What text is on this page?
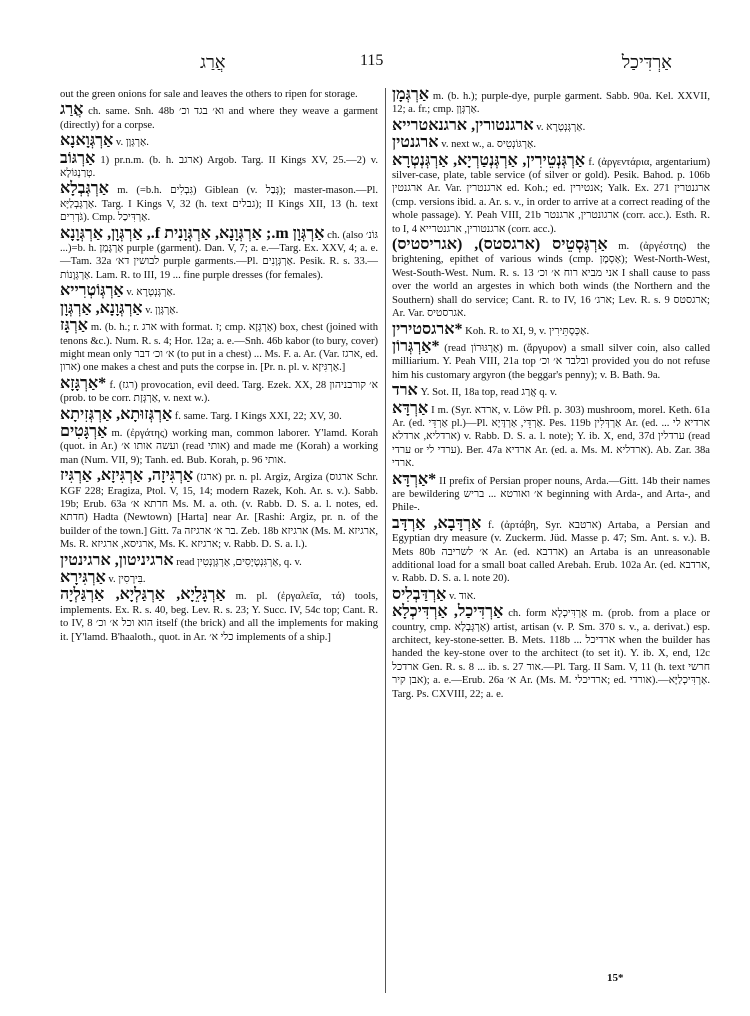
אֲרַג	115	אַרְדִּיכַל

out the green onions for sale and leaves the others to ripen for storage.

אֲרַג ch. same. Snh. 48b וא׳ בגד וכ׳ and where they weave a garment (directly) for a corpse.

אַרְגְּוָאנָא v. אַרְגְּוָן.

אַרְגּוֹב 1) pr.n.m. (b. h. ארגב) Argob. Targ. II Kings XV, 25.—2) v. טְרַנְגּוֹלָא.

אַרְגְּבְלָא m. (=b.h. גִּבְלִים) Giblean (v. גְּבַל); master-mason.—Pl. אַרְגְּבְלַיָּא. Targ. I Kings V, 32 (h. text גבלים); II Kings XII, 13 (h. text גֹּדְרִים). Cmp. אַרְדִּיכַל.

אַרְגְּוָן m.; אַרְגְּוָנָא, אַרְגְּוָנִית f., אַרְגְּוָן, אַרְגְּוָנָא ch. (also גּוֹנ׳ ...)=b. h. אַרְגָּמָן purple (garment). Dan. V, 7; a. e.—Targ. Ex. XXV, 4; a. e.—Tam. 32a לבושין דא׳ purple garments.—Pl. אַרְגְּוָנִים. Pesik. R. s. 33.—אַרְגְּוָנוֹת. Lam. R. to III, 19 ... fine purple dresses (for females).

אַרְגְּוֹטְרִייא v. אַרְגְּנְטְרָא.

אַרְגְּוָנָא, אַרְגְּוָן v. אַרְגְּוָן.

אַרְגָּז m. (b. h.; r. ארג with format. ז; cmp. אַרְגְּזָא) box, chest (joined with tenons &c.). Num. R. s. 4; Hor. 12a; a. e.—Snh. 46b kabor (to bury, cover) might mean only א׳ וכ׳ דבר (to put in a chest) ... Ms. F. a. Ar. (Var. ארגז, ed. ארון) one makes a chest and puts the corpse in. [Pr. n. pl. v. אַרְגִּיזָא.]

*אַרְגָּזָא f. (רגז) provocation, evil deed. Targ. Ezek. XX, 28 א׳ קורבניהון (prob. to be corr. אַרְגְּזָת, v. next w.).

אַרְגְּזוּתָא, אַרְגְּזִיתָא f. same. Targ. I Kings XXI, 22; XV, 30.

אַרְגָּטִים m. (ἐργάτης) working man, common laborer. Y'lamd. Korah (quot. in Ar.) ועשה אותו א׳ (read אותי) and made me (Korah) a working man (Num. VII, 9); Tanh. ed. Bub. Korah, p. 96 אותי.

אַרְגִּיזָה, אַרְגִּיזָא, אַרְגִּיז (ארגז) pr. n. pl. Argiz, Argiza (ארגוס Schr. KGF 228; Eragiza, Ptol. V, 15, 14; modern Razek, Koh. Ar. s. v.). Sabb. 19b; Erub. 63a חדתא א׳ Ms. M. a. oth. (v. Rabb. D. S. a. l. notes, ed. חדתא) Hadta (Newtown) [Harta] near Ar. [Rashi: Argiz, pr. n. of the builder of the town.] Gitt. 7a בר א׳ ארגיזה. Zeb. 18b ארגיזא (Ms. M. ארגיזא, Ms. R. ארגיסא, ארגיזא, Ms. K. ארגיזא; v. Rabb. D. S. a. l.).

ארגיניטון, ארגינטין read אַרְגִּנְטְיָסִים, אַרְגְּוָנְטִין, q. v.

אַרְגִּירָא v. בִּירָסִין.

אַרְגָּלֵיָא, אַרְגַּלְיָא, אַרְגַּלְיָה m. pl. (ἐργαλεῖα, τά) tools, implements. Ex. R. s. 40, beg. Lev. R. s. 23; Y. Succ. IV, 54c top; Cant. R. to IV, 8 הוא וכל א׳ וכ׳ itself (the brick) and all the implements for making it. [Y'lamd. B'haaloth., quot. in Ar. כלי א׳ implements of a ship.]

אַרְגְּמָן m. (b. h.); purple-dye, purple garment. Sabb. 90a. Kel. XXVII, 12; a. fr.; cmp. אַרְגְּוָן.

ארגנטורין, ארגנאטרייא v. אַרְגְּנְטְרָא.

ארגנטין v. next w., a. אַרְגּוֹנְטִיס.

אַרְגְּנְטֵירִין, אַרְגְּנְטַרְיָא, אַרְגְּנְטְרָא f. (ἀργεντάρια, argentarium) silver-case, plate, table service (of silver or gold). Pesik. Bahod. p. 106b ארגנטין Ar. Var. ארגנטרין ed. Koh.; ed. אנטירין; Yalk. Ex. 271 ארגנטרין (cmp. versions ibid. a. Ar. s. v., in order to arrive at a correct reading of the whole passage). Y. Peah VIII, 21b ארגונטרין, ארגנטר (corr. acc.). Esth. R. to I, 4 ארגנטורין, ארגנטרייא (corr. acc.).

אַרְגֶּסְטֵיס (ארגסטס), (אגריסטיס) m. (ἀργέστης) the brightening, epithet of various winds (cmp. אַסְמָן); West-North-West, West-South-West. Num. R. s. 13 אני מביא רוח א׳ וכ׳ I shall cause to pass over the world an argestes in which both winds (the Northern and the Southern) shall do service; Cant. R. to IV, 16 ארג׳; Lev. R. s. 9 ארגסטס; Ar. Var. אגרסטיס.

*ארגסטירין Koh. R. to XI, 9, v. אַכְּסְתֵּירִין.

*אַרְגְּרוֹן (read אַרְגּוּרוֹן) m. (ἄργυρον) a small silver coin, also called milliarium. Y. Peah VIII, 21a top ובלבד א׳ וכ׳ provided you do not refuse him his customary argyron (the beggar's penny); v. B. Bath. 9a.

ארד Y. Sot. II, 18a top, read אֲרַג q. v.

אַרְדָּא I m. (Syr. ארדא, v. Löw Pfl. p. 303) mushroom, morel. Keth. 61a Ar. (ed. אַרְדֵּי pl.)—Pl. אַרְדֵּי, אַרְדָּיָא. Pes. 119b אַרְדְּלִין Ar. (ed. ארדיא לי ... ארדליא, ארדלא) v. Rabb. D. S. a. l. note); Y. ib. X, end, 37d ערדלין (read ערדי or ערדי לי). Ber. 47a ארדיא Ar. (ed. a. Ms. M. ארדליא). Ab. Zar. 38a ארדי.

*אַרְדָּא II prefix of Persian proper nouns, Arda.—Gitt. 14b their names are bewildering א׳ ואורטא ... בריש beginning with Arda-, and Arta-, and Phile-.

אַרְדָּבָא, אַרְדָּב f. (ἀρτάβη, Syr. ארטבא) Artaba, a Persian and Egyptian dry measure (v. Zuckerm. Jüd. Masse p. 47; Sm. Ant. s. v.). B. Mets 80b א׳ לשריבה Ar. (ed. ארדבא) an Artaba is an unreasonable additional load for a small boat called Arebah. Erub. 102a Ar. (ed. ארדבא, v. Rabb. D. S. a. l. note 20).

אַרְדַּבְלִיס v. אוד.

אַרְדִּיכַל, אַרְדִּיכְלָא ch. form אַרְדִּיכְלָא m. (prob. from a place or country, cmp. אַרְגְּבְלָא) artist, artisan (v. P. Sm. 370 s. v., a. derivat.) esp. architect, key-stone-setter. B. Mets. 118b ... ארדיכל when the builder has handed the key-stone over to the architect (to set it). Y. ib. X, end, 12c ארדכל Gen. R. s. 8 ... ib. s. 27 אוד.—Pl. Targ. II Sam. V, 11 (h. text חרשי אבן קיר); a. e.—Erub. 26a א׳ Ar. (Ms. M. ארדיכלי; ed. אורדי).—אַרְדִּיכְלַיָּא. Targ. Ps. CXVIII, 22; a. e.

15*
